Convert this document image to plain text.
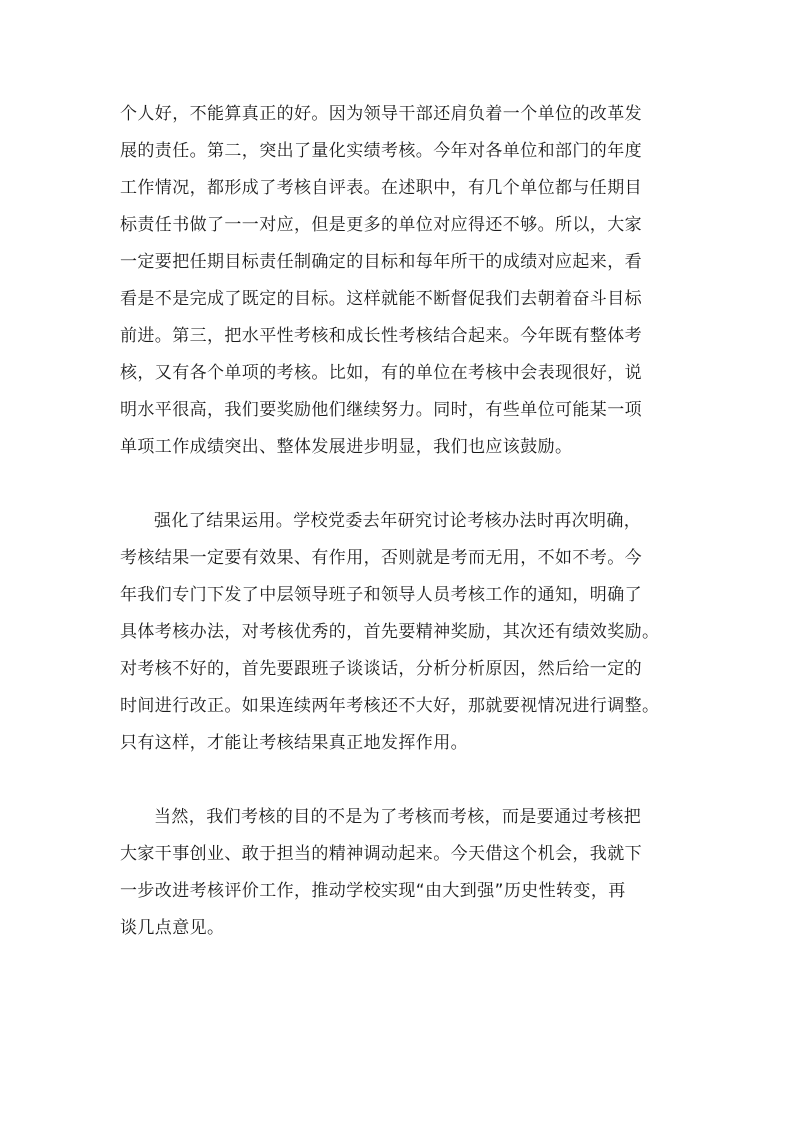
个人好，不能算真正的好。因为领导干部还肩负着一个单位的改革发
展的责任。第二，突出了量化实绩考核。今年对各单位和部门的年度
工作情况，都形成了考核自评表。在述职中，有几个单位都与任期目
标责任书做了一一对应，但是更多的单位对应得还不够。所以，大家
一定要把任期目标责任制确定的目标和每年所干的成绩对应起来，看
看是不是完成了既定的目标。这样就能不断督促我们去朝着奋斗目标
前进。第三，把水平性考核和成长性考核结合起来。今年既有整体考
核，又有各个单项的考核。比如，有的单位在考核中会表现很好，说
明水平很高，我们要奖励他们继续努力。同时，有些单位可能某一项
单项工作成绩突出、整体发展进步明显，我们也应该鼓励。
强化了结果运用。学校党委去年研究讨论考核办法时再次明确，
考核结果一定要有效果、有作用，否则就是考而无用，不如不考。今
年我们专门下发了中层领导班子和领导人员考核工作的通知，明确了
具体考核办法，对考核优秀的，首先要精神奖励，其次还有绩效奖励。
对考核不好的，首先要跟班子谈谈话，分析分析原因，然后给一定的
时间进行改正。如果连续两年考核还不大好，那就要视情况进行调整。
只有这样，才能让考核结果真正地发挥作用。
当然，我们考核的目的不是为了考核而考核，而是要通过考核把
大家干事创业、敢于担当的精神调动起来。今天借这个机会，我就下
一步改进考核评价工作，推动学校实现“由大到强”历史性转变，再
谈几点意见。
